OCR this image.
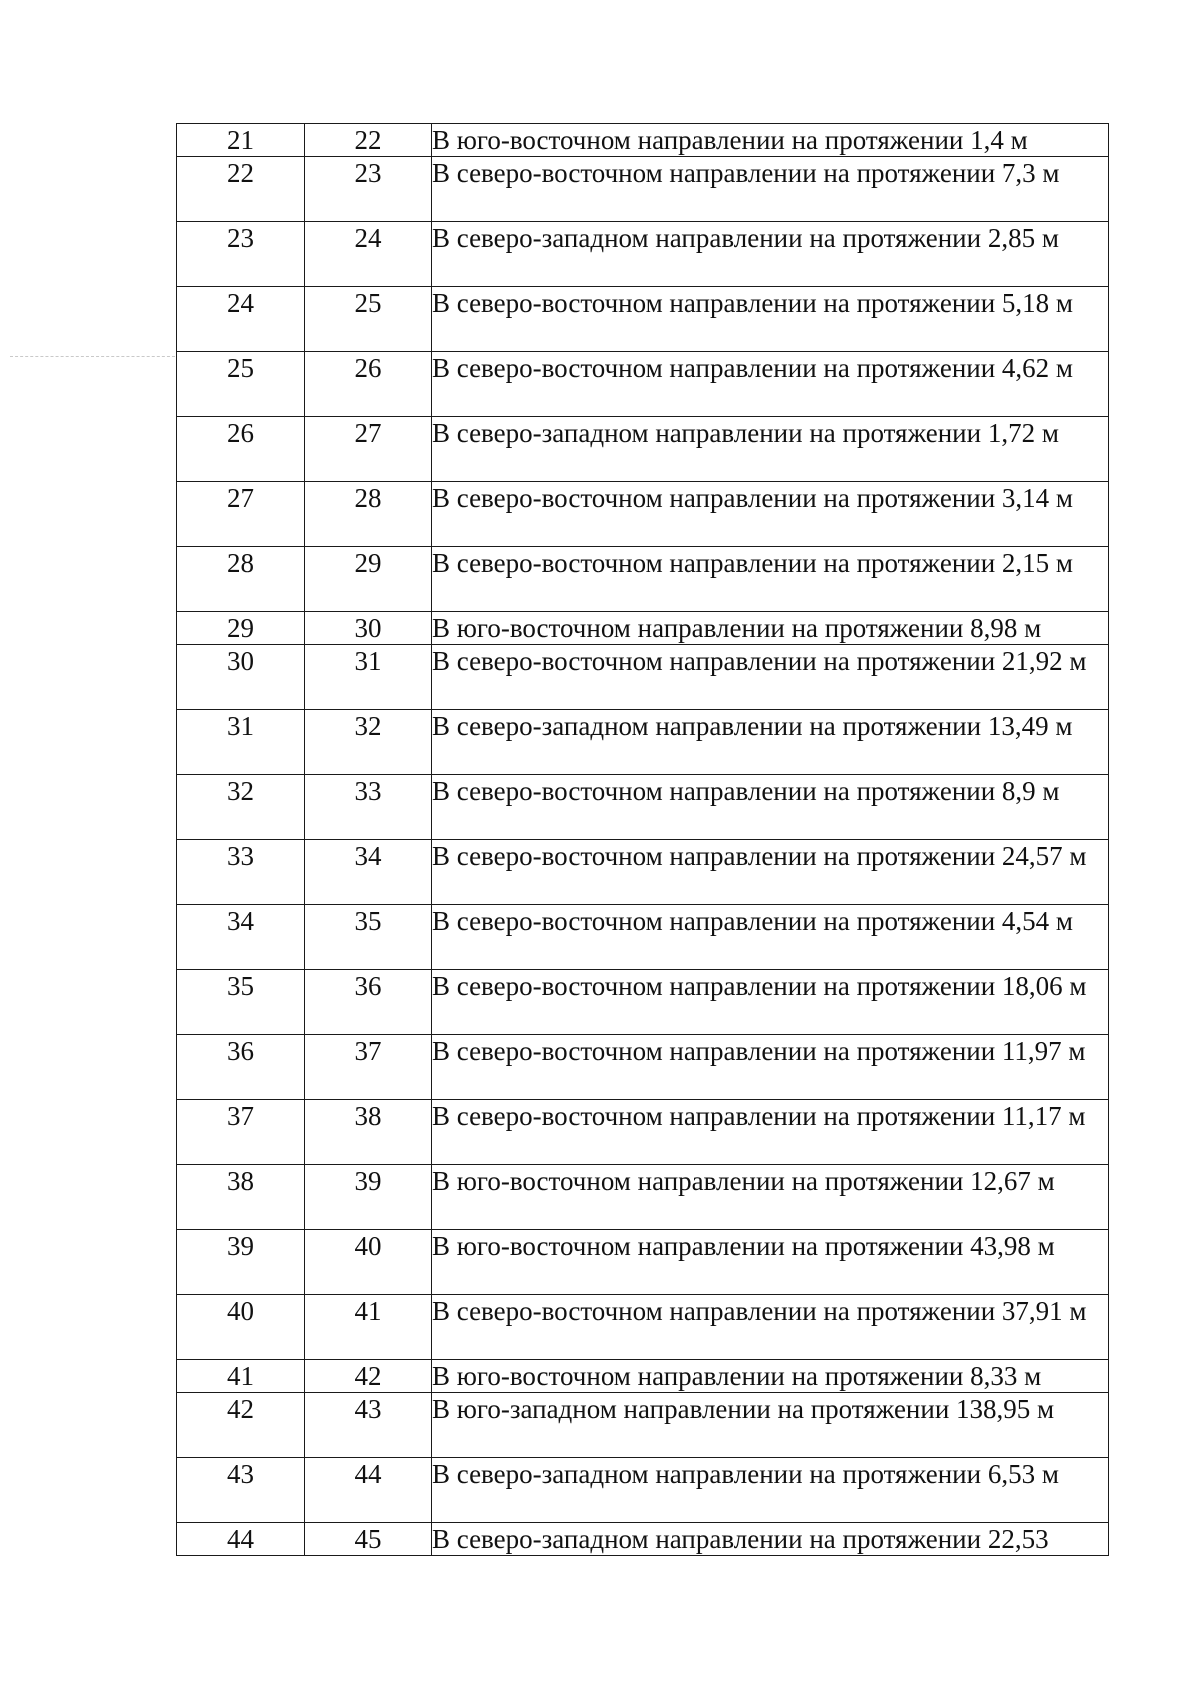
21	22	В юго-восточном направлении на протяжении 1,4 м
22	23	В северо-восточном направлении на протяжении 7,3 м
23	24	В северо-западном направлении на протяжении 2,85 м
24	25	В северо-восточном направлении на протяжении 5,18 м
25	26	В северо-восточном направлении на протяжении 4,62 м
26	27	В северо-западном направлении на протяжении 1,72 м
27	28	В северо-восточном направлении на протяжении 3,14 м
28	29	В северо-восточном направлении на протяжении 2,15 м
29	30	В юго-восточном направлении на протяжении 8,98 м
30	31	В северо-восточном направлении на протяжении 21,92 м
31	32	В северо-западном направлении на протяжении 13,49 м
32	33	В северо-восточном направлении на протяжении 8,9 м
33	34	В северо-восточном направлении на протяжении 24,57 м
34	35	В северо-восточном направлении на протяжении 4,54 м
35	36	В северо-восточном направлении на протяжении 18,06 м
36	37	В северо-восточном направлении на протяжении 11,97 м
37	38	В северо-восточном направлении на протяжении 11,17 м
38	39	В юго-восточном направлении на протяжении 12,67 м
39	40	В юго-восточном направлении на протяжении 43,98 м
40	41	В северо-восточном направлении на протяжении 37,91 м
41	42	В юго-восточном направлении на протяжении 8,33 м
42	43	В юго-западном направлении на протяжении 138,95 м
43	44	В северо-западном направлении на протяжении 6,53 м
44	45	В северо-западном направлении на протяжении 22,53
